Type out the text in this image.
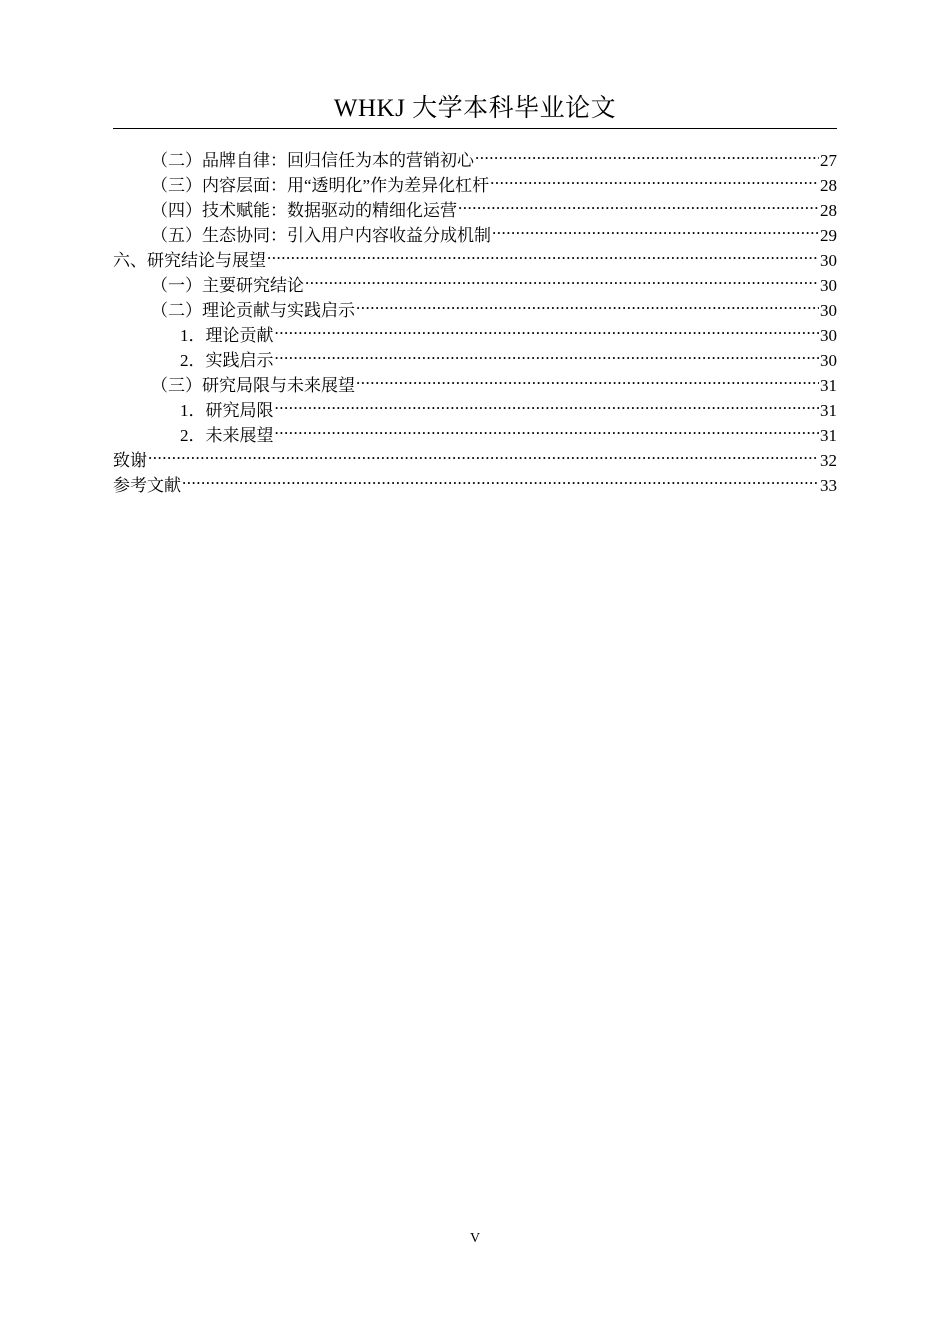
WHKJ 大学本科毕业论文
（二）品牌自律：回归信任为本的营销初心 .....	27
（三）内容层面：用“透明化”作为差异化杠杆 .....	28
（四）技术赋能：数据驱动的精细化运营 .....	28
（五）生态协同：引入用户内容收益分成机制 .....	29
六、研究结论与展望 .....	30
（一）主要研究结论 .....	30
（二）理论贡献与实践启示 .....	30
1．理论贡献 .....	30
2．实践启示 .....	30
（三）研究局限与未来展望 .....	31
1．研究局限 .....	31
2．未来展望 .....	31
致谢 .....	32
参考文献 .....	33
V
